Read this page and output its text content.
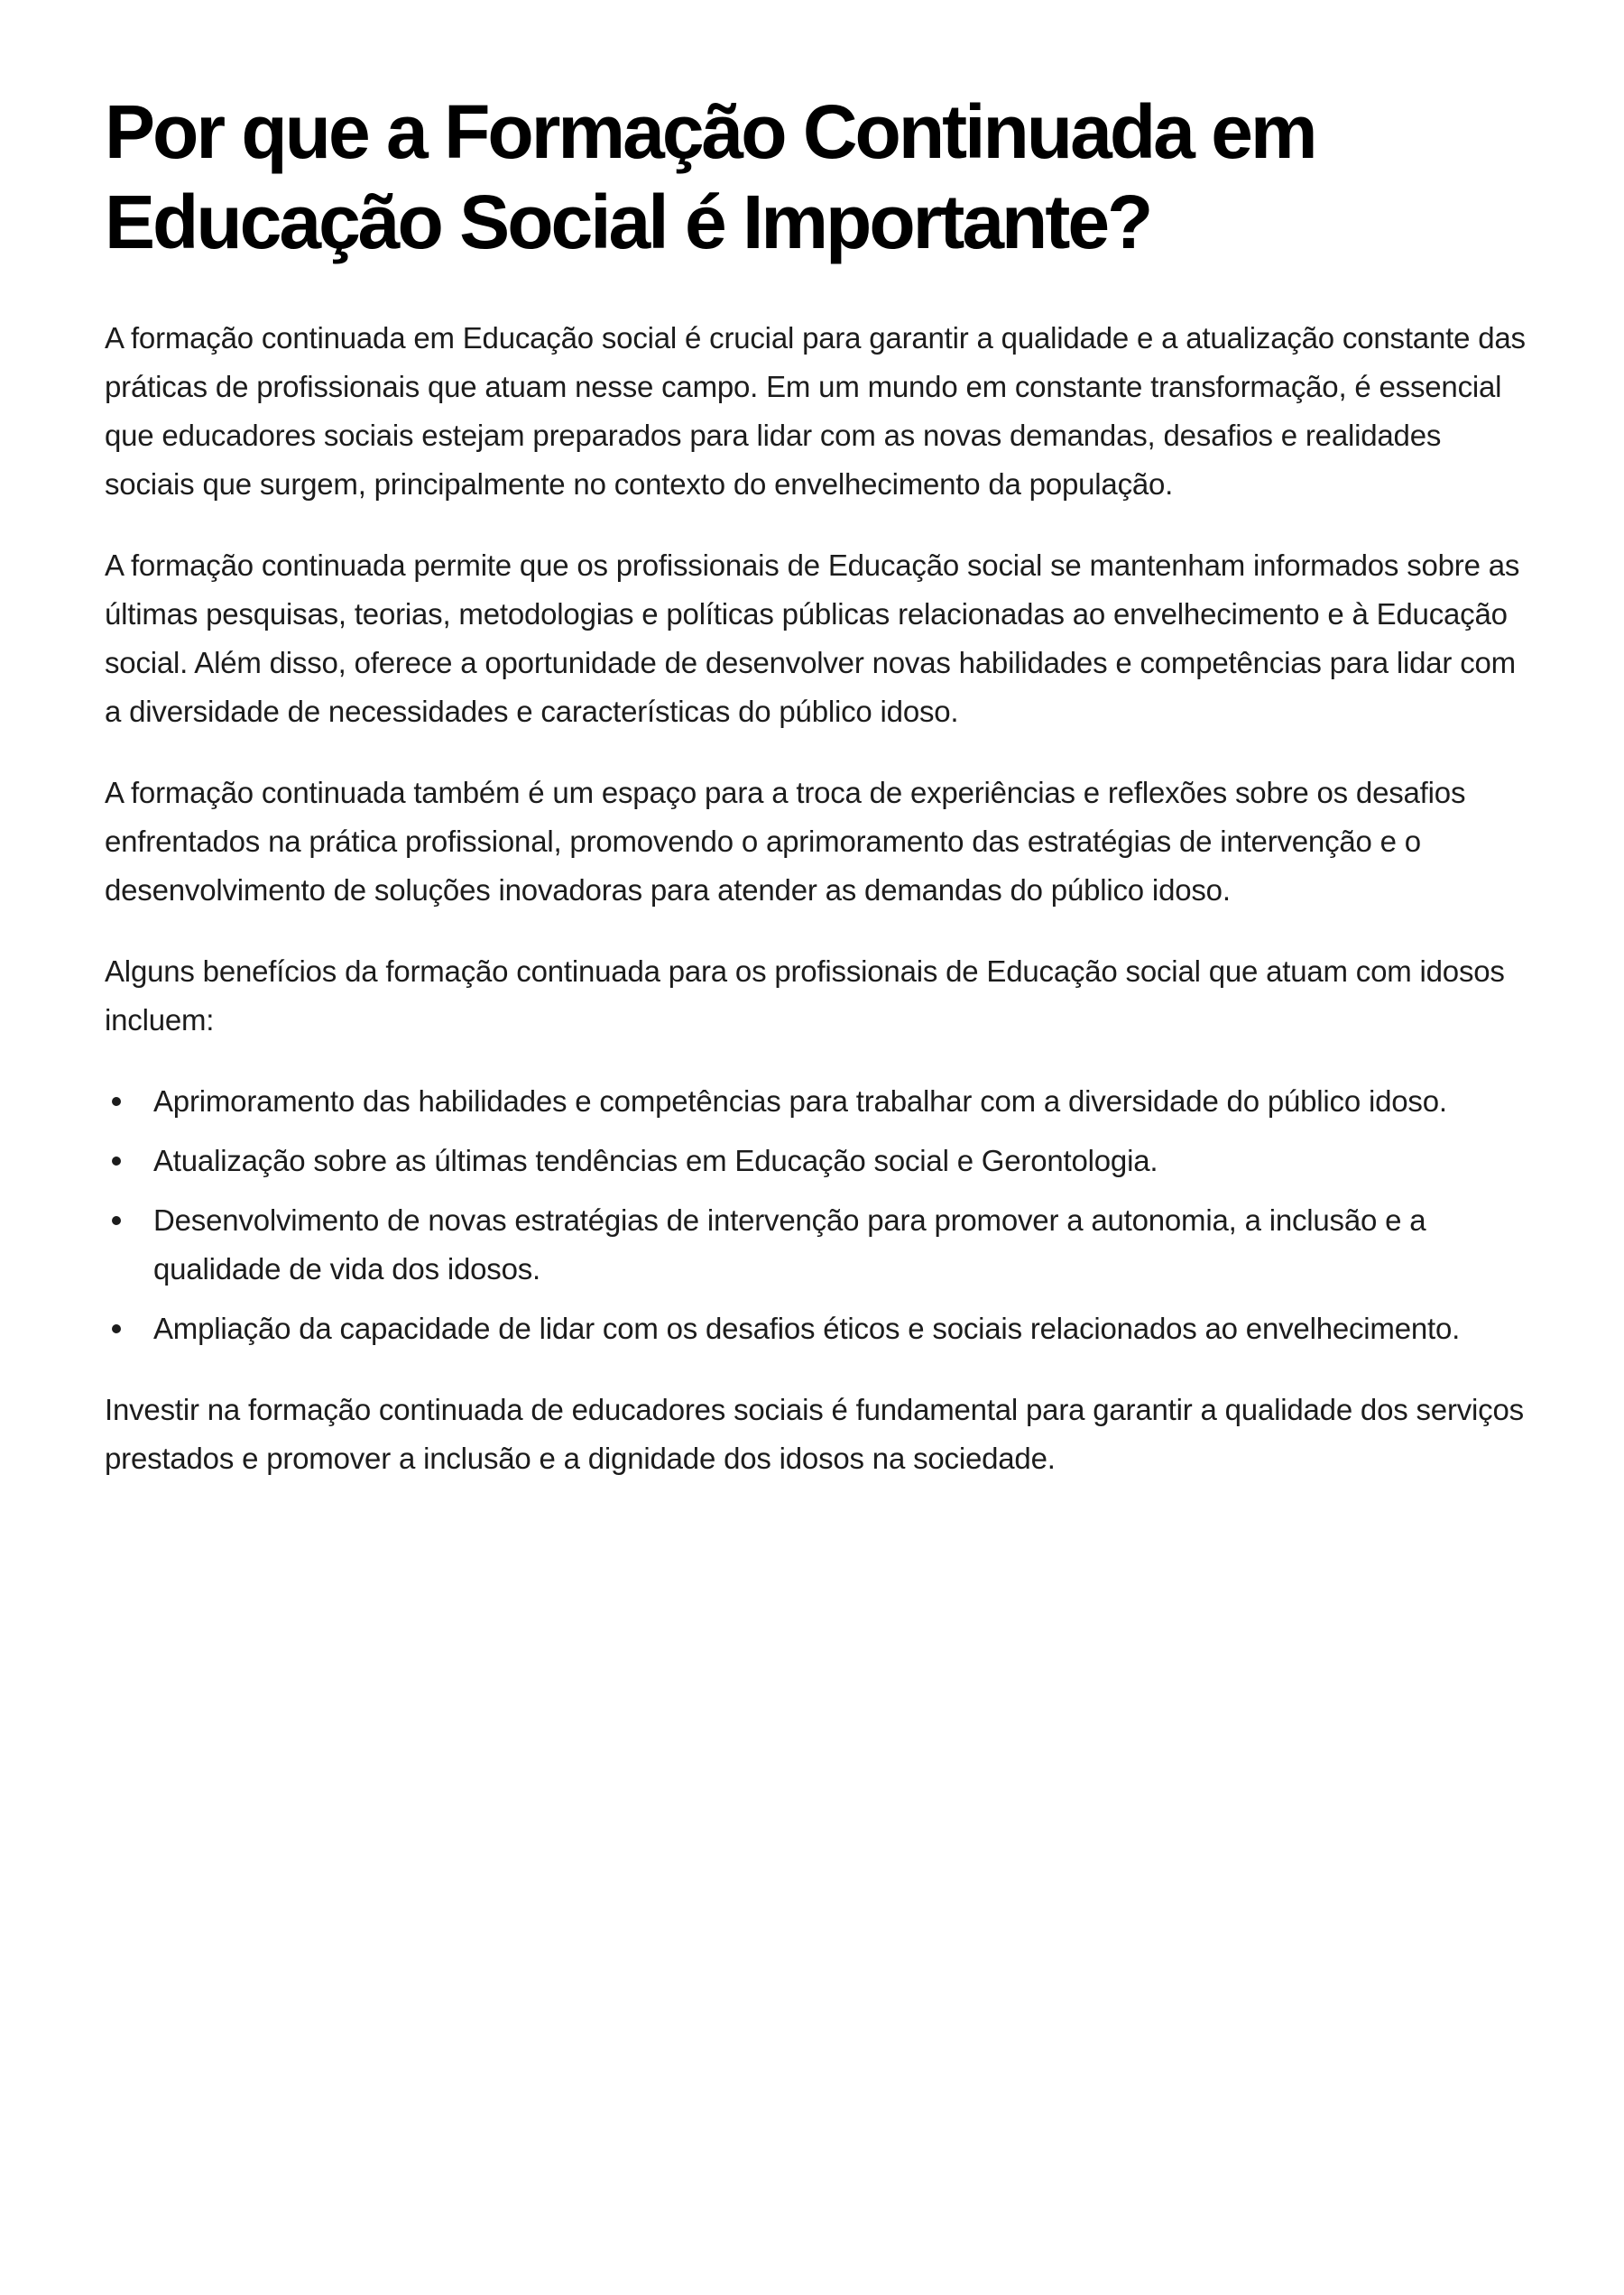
Por que a Formação Continuada em Educação Social é Importante?

A formação continuada em Educação social é crucial para garantir a qualidade e a atualização constante das práticas de profissionais que atuam nesse campo. Em um mundo em constante transformação, é essencial que educadores sociais estejam preparados para lidar com as novas demandas, desafios e realidades sociais que surgem, principalmente no contexto do envelhecimento da população.

A formação continuada permite que os profissionais de Educação social se mantenham informados sobre as últimas pesquisas, teorias, metodologias e políticas públicas relacionadas ao envelhecimento e à Educação social. Além disso, oferece a oportunidade de desenvolver novas habilidades e competências para lidar com a diversidade de necessidades e características do público idoso.

A formação continuada também é um espaço para a troca de experiências e reflexões sobre os desafios enfrentados na prática profissional, promovendo o aprimoramento das estratégias de intervenção e o desenvolvimento de soluções inovadoras para atender as demandas do público idoso.

Alguns benefícios da formação continuada para os profissionais de Educação social que atuam com idosos incluem:

Aprimoramento das habilidades e competências para trabalhar com a diversidade do público idoso.
Atualização sobre as últimas tendências em Educação social e Gerontologia.
Desenvolvimento de novas estratégias de intervenção para promover a autonomia, a inclusão e a qualidade de vida dos idosos.
Ampliação da capacidade de lidar com os desafios éticos e sociais relacionados ao envelhecimento.

Investir na formação continuada de educadores sociais é fundamental para garantir a qualidade dos serviços prestados e promover a inclusão e a dignidade dos idosos na sociedade.
